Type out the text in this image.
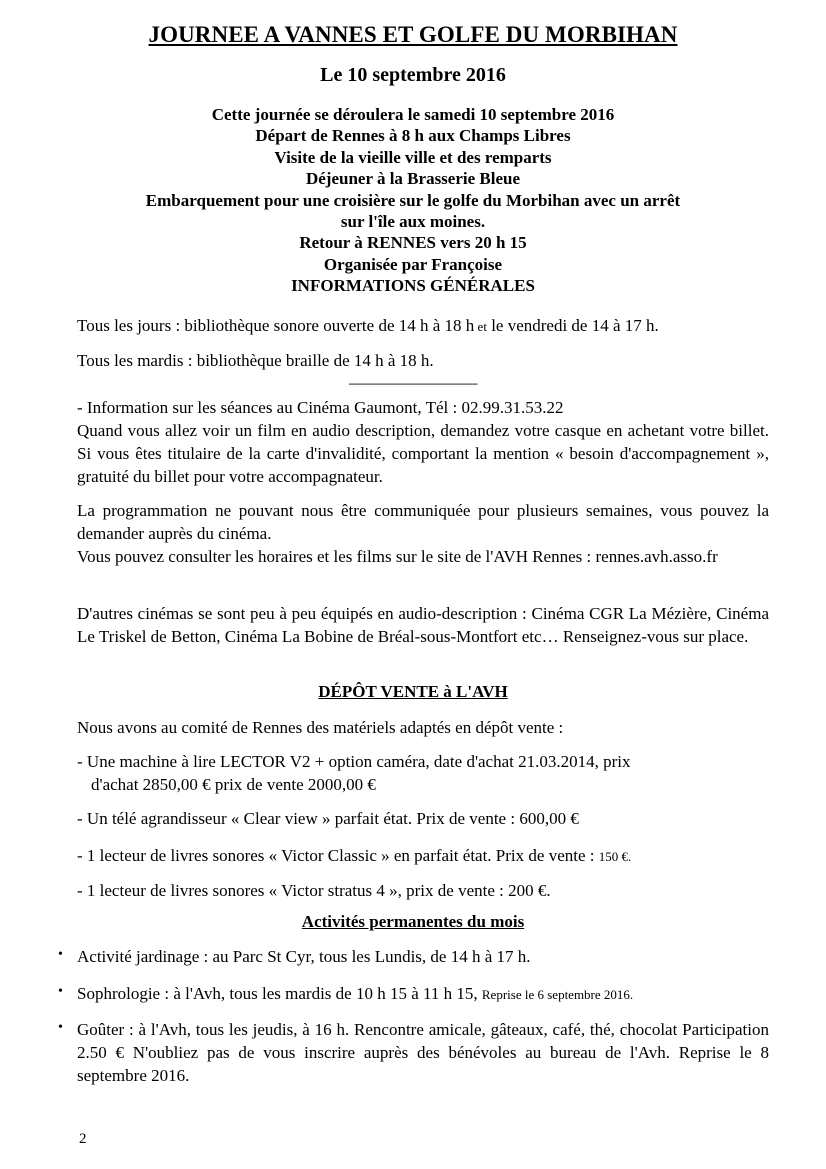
JOURNEE A VANNES ET GOLFE DU MORBIHAN
Le 10 septembre 2016
Cette journée se déroulera le samedi 10 septembre 2016
Départ de Rennes à 8 h aux Champs Libres
Visite de la vieille ville et des remparts
Déjeuner à la Brasserie Bleue
Embarquement pour une croisière sur le golfe du Morbihan avec un arrêt
sur l'île aux moines.
Retour à RENNES vers 20 h 15
Organisée par Françoise
INFORMATIONS GÉNÉRALES
Tous les jours : bibliothèque sonore ouverte de 14 h à 18 h et le vendredi de 14 à 17 h.
Tous les mardis : bibliothèque braille de 14 h à 18 h.
––––––––––––––––
- Information sur les séances au Cinéma Gaumont, Tél : 02.99.31.53.22
Quand vous allez voir un film en audio description, demandez votre casque en achetant votre billet. Si vous êtes titulaire de la carte d'invalidité, comportant la mention « besoin d'accompagnement », gratuité du billet pour votre accompagnateur.
La programmation ne pouvant nous être communiquée pour plusieurs semaines, vous pouvez la demander auprès du cinéma.
Vous pouvez consulter les horaires et les films sur le site de l'AVH Rennes : rennes.avh.asso.fr
D'autres cinémas se sont peu à peu équipés en audio-description : Cinéma CGR La Mézière, Cinéma Le Triskel de Betton, Cinéma La Bobine de Bréal-sous-Montfort etc… Renseignez-vous sur place.
DÉPÔT VENTE à L'AVH
Nous avons au comité de Rennes des matériels adaptés en dépôt vente :
- Une machine à lire LECTOR V2 + option caméra, date d'achat 21.03.2014, prix
d'achat 2850,00 € prix de vente 2000,00 €
- Un télé agrandisseur « Clear view » parfait état. Prix de vente : 600,00 €
- 1 lecteur de livres sonores « Victor Classic » en parfait état. Prix de vente : 150 €.
- 1 lecteur de livres sonores « Victor stratus 4 », prix de vente : 200 €.
Activités permanentes du mois
• Activité jardinage : au Parc St Cyr, tous les Lundis, de 14 h à 17 h.
• Sophrologie : à l'Avh, tous les mardis de 10 h 15 à 11 h 15, Reprise le 6 septembre 2016.
• Goûter : à l'Avh, tous les jeudis, à 16 h. Rencontre amicale, gâteaux, café, thé, chocolat Participation 2.50 € N'oubliez pas de vous inscrire auprès des bénévoles au bureau de l'Avh. Reprise le 8 septembre 2016.
2
